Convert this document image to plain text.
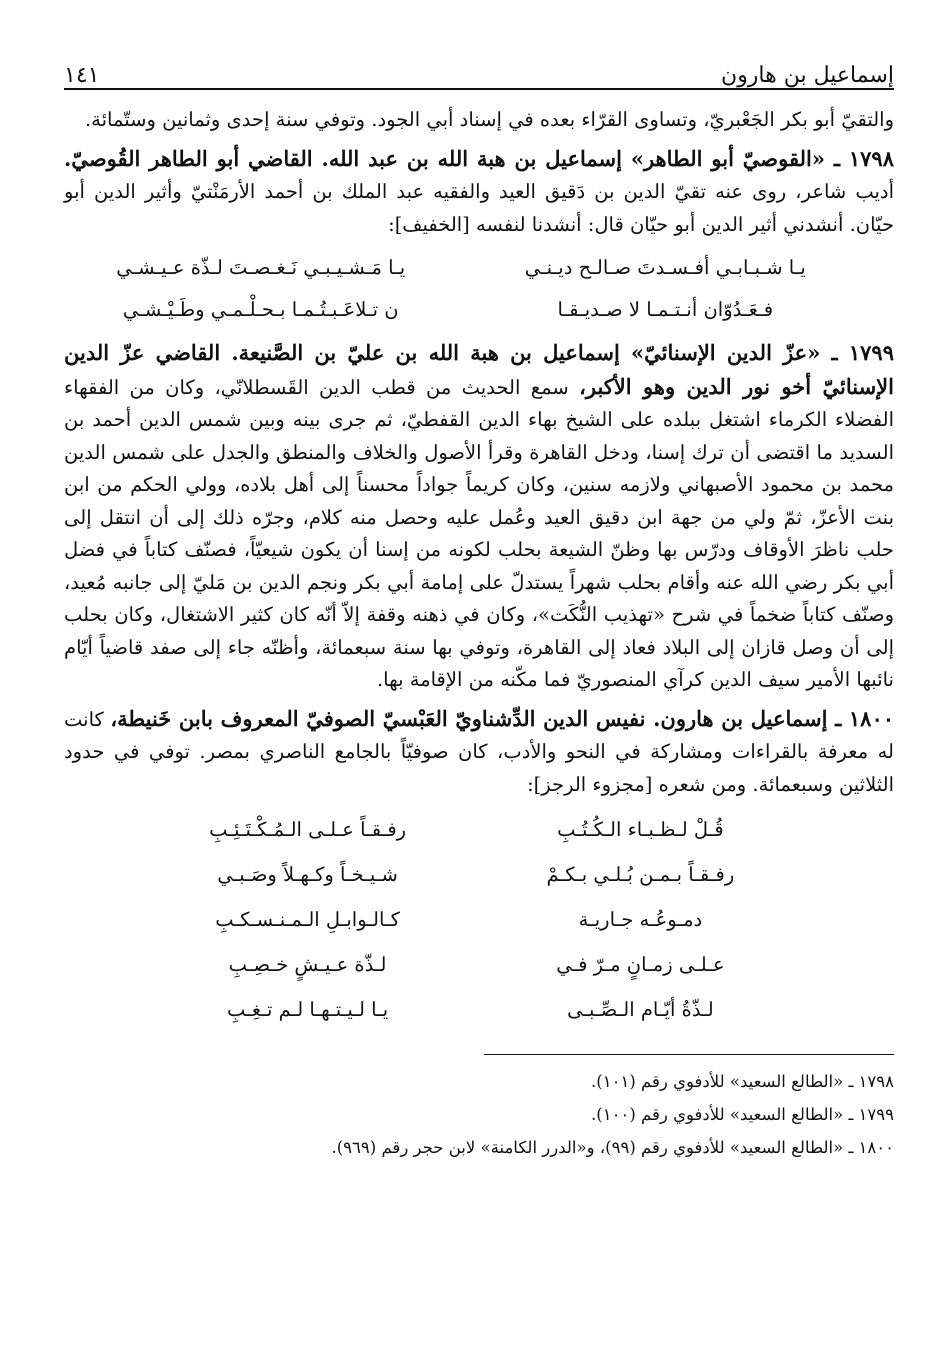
إسماعيل بن هارون
١٤١

والتقيّ أبو بكر الجَعْبريّ، وتساوى القرّاء بعده في إسناد أبي الجود. وتوفي سنة إحدى وثمانين وستّمائة.

١٧٩٨ ـ «القوصيّ أبو الطاهر» إسماعيل بن هبة الله بن عبد الله. القاضي أبو الطاهر القُوصيّ. أديب شاعر، روى عنه تقيّ الدين بن دَقيق العيد والفقيه عبد الملك بن أحمد الأرمَنْتيّ وأثير الدين أبو حيّان. أنشدني أثير الدين أبو حيّان قال: أنشدنا لنفسه [الخفيف]:

يـا شـبـابـي أفـسـدتَ صـالـح ديـنـي
يـا مَـشـيـبـي نَـغـصـتَ لـذّة عـيـشـي
فـعَـدُوّان أنـتـمـا لا صـديـقـا
ن تـلاعَـبـتُـمـا بـحـلْـمـي وطَـيْـشـي

١٧٩٩ ـ «عزّ الدين الإسنائيّ» إسماعيل بن هبة الله بن عليّ بن الصَّنيعة. القاضي عزّ الدين الإسنائيّ أخو نور الدين وهو الأكبر، سمع الحديث من قطب الدين القَسطلانّي، وكان من الفقهاء الفضلاء الكرماء اشتغل ببلده على الشيخ بهاء الدين القفطيّ، ثم جرى بينه وبين شمس الدين أحمد بن السديد ما اقتضى أن ترك إسنا، ودخل القاهرة وقرأ الأصول والخلاف والمنطق والجدل على شمس الدين محمد بن محمود الأصبهاني ولازمه سنين، وكان كريماً جواداً محسناً إلى أهل بلاده، وولي الحكم من ابن بنت الأعزّ، ثمّ ولي من جهة ابن دقيق العيد وعُمل عليه وحصل منه كلام، وجرّه ذلك إلى أن انتقل إلى حلب ناظرَ الأوقاف ودرّس بها وظنّ الشيعة بحلب لكونه من إسنا أن يكون شيعيّاً، فصنّف كتاباً في فضل أبي بكر رضي الله عنه وأقام بحلب شهراً يستدلّ على إمامة أبي بكر ونجم الدين بن مَليّ إلى جانبه مُعيد، وصنّف كتاباً ضخماً في شرح «تهذيب النُّكَت»، وكان في ذهنه وقفة إلاّ أنّه كان كثير الاشتغال، وكان بحلب إلى أن وصل قازان إلى البلاد فعاد إلى القاهرة، وتوفي بها سنة سبعمائة، وأظنّه جاء إلى صفد قاضياً أيّام نائبها الأمير سيف الدين كرآي المنصوريّ فما مكّنه من الإقامة بها.

١٨٠٠ ـ إسماعيل بن هارون. نفيس الدين الدِّشناويّ العَبْسيّ الصوفيّ المعروف بابن خَنيطة، كانت له معرفة بالقراءات ومشاركة في النحو والأدب، كان صوفيّاً بالجامع الناصري بمصر. توفي في حدود الثلاثين وسبعمائة. ومن شعره [مجزوء الرجز]:

قُـلْ لـظـبـاء الـكُـتُـبِ
رفـقـاً عـلـى الـمُـكْـتَـئِـبِ
رفـقـاً بـمـن بُـلـي بـكـمْ
شـيـخـاً وكـهـلاً وصَـبـي
دمـوعُـه جـاريـة
كـالـوابـلِ الـمـنـسـكـبِ
عـلـى زمـانٍ مـرّ فـي
لـذّة عـيـشٍ خـصِـبِ
لـذّةُ أيّـام الـصِّـبـى
يـا لـيـتـهـا لـم تـغِـبِ
١٧٩٨ ـ «الطالع السعيد» للأدفوي رقم (١٠١).
١٧٩٩ ـ «الطالع السعيد» للأدفوي رقم (١٠٠).
١٨٠٠ ـ «الطالع السعيد» للأدفوي رقم (٩٩)، و«الدرر الكامنة» لابن حجر رقم (٩٦٩).
